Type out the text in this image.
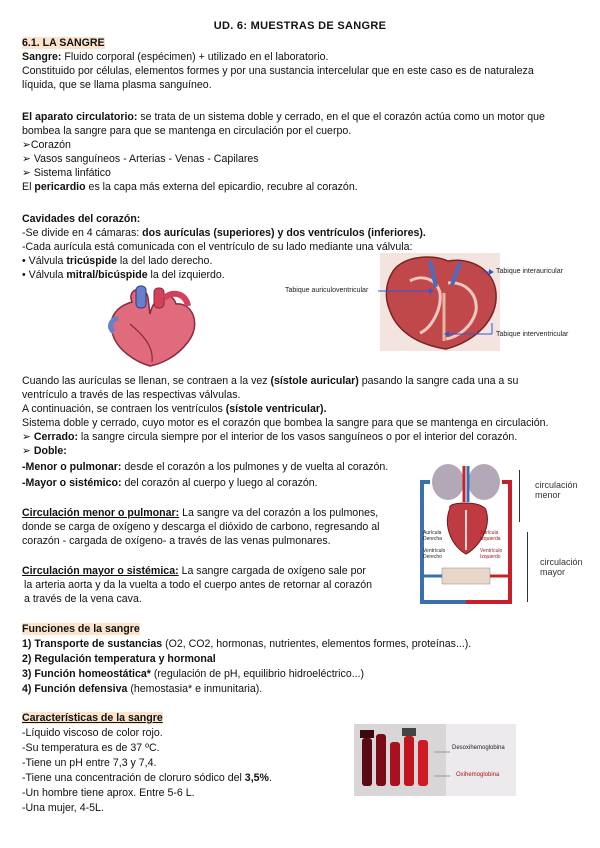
UD. 6: MUESTRAS DE SANGRE
6.1. LA SANGRE
Sangre: Fluido corporal (espécimen) + utilizado en el laboratorio.
Constituido por células, elementos formes y por una sustancia intercelular que en este caso es de naturaleza
líquida, que se llama plasma sanguíneo.
El aparato circulatorio: se trata de un sistema doble y cerrado, en el que el corazón actúa como un motor que
bombea la sangre para que se mantenga en circulación por el cuerpo.
➢Corazón
➢ Vasos sanguíneos - Arterias - Venas - Capilares
➢ Sistema linfático
El pericardio es la capa más externa del epicardio, recubre al corazón.
Cavidades del corazón:
-Se divide en 4 cámaras: dos aurículas (superiores) y dos ventrículos (inferiores).
-Cada aurícula está comunicada con el ventrículo de su lado mediante una válvula:
• Válvula tricúspide la del lado derecho.
• Válvula mitral/bicúspide la del izquierdo.	Tabique interauricular
Tabique auriculoventricular
Tabique interventricular
Cuando las aurículas se llenan, se contraen a la vez (sístole auricular) pasando la sangre cada una a su
ventrículo a través de las respectivas válvulas.
A continuación, se contraen los ventrículos (sístole ventricular).
Sistema doble y cerrado, cuyo motor es el corazón que bombea la sangre para que se mantenga en circulación.
➢ Cerrado: la sangre circula siempre por el interior de los vasos sanguíneos o por el interior del corazón.
➢ Doble:
-Menor o pulmonar: desde el corazón a los pulmones y de vuelta al corazón.
-Mayor o sistémico: del corazón al cuerpo y luego al corazón.
Circulación menor o pulmonar: La sangre va del corazón a los pulmones,
donde se carga de oxígeno y descarga el dióxido de carbono, regresando al
corazón - cargada de oxígeno- a través de las venas pulmonares.
Circulación mayor o sistémica: La sangre cargada de oxígeno sale por
la arteria aorta y da la vuelta a todo el cuerpo antes de retornar al corazón
a través de la vena cava.
Aurícula Derecha
Aurícula Izquierda
Ventrículo Derecho
Ventrículo Izquierdo
circulación menor
circulación mayor
Funciones de la sangre
1) Transporte de sustancias (O2, CO2, hormonas, nutrientes, elementos formes, proteínas...).
2) Regulación temperatura y hormonal
3) Función homeostática* (regulación de pH, equilibrio hidroeléctrico...)
4) Función defensiva (hemostasia* e inmunitaria).
Características de la sangre
-Líquido viscoso de color rojo.
-Su temperatura es de 37 ºC.
-Tiene un pH entre 7,3 y 7,4.
-Tiene una concentración de cloruro sódico del 3,5%.
-Un hombre tiene aprox. Entre 5-6 L.
-Una mujer, 4-5L.
Desoxihemoglobina
Oxihemoglobina
